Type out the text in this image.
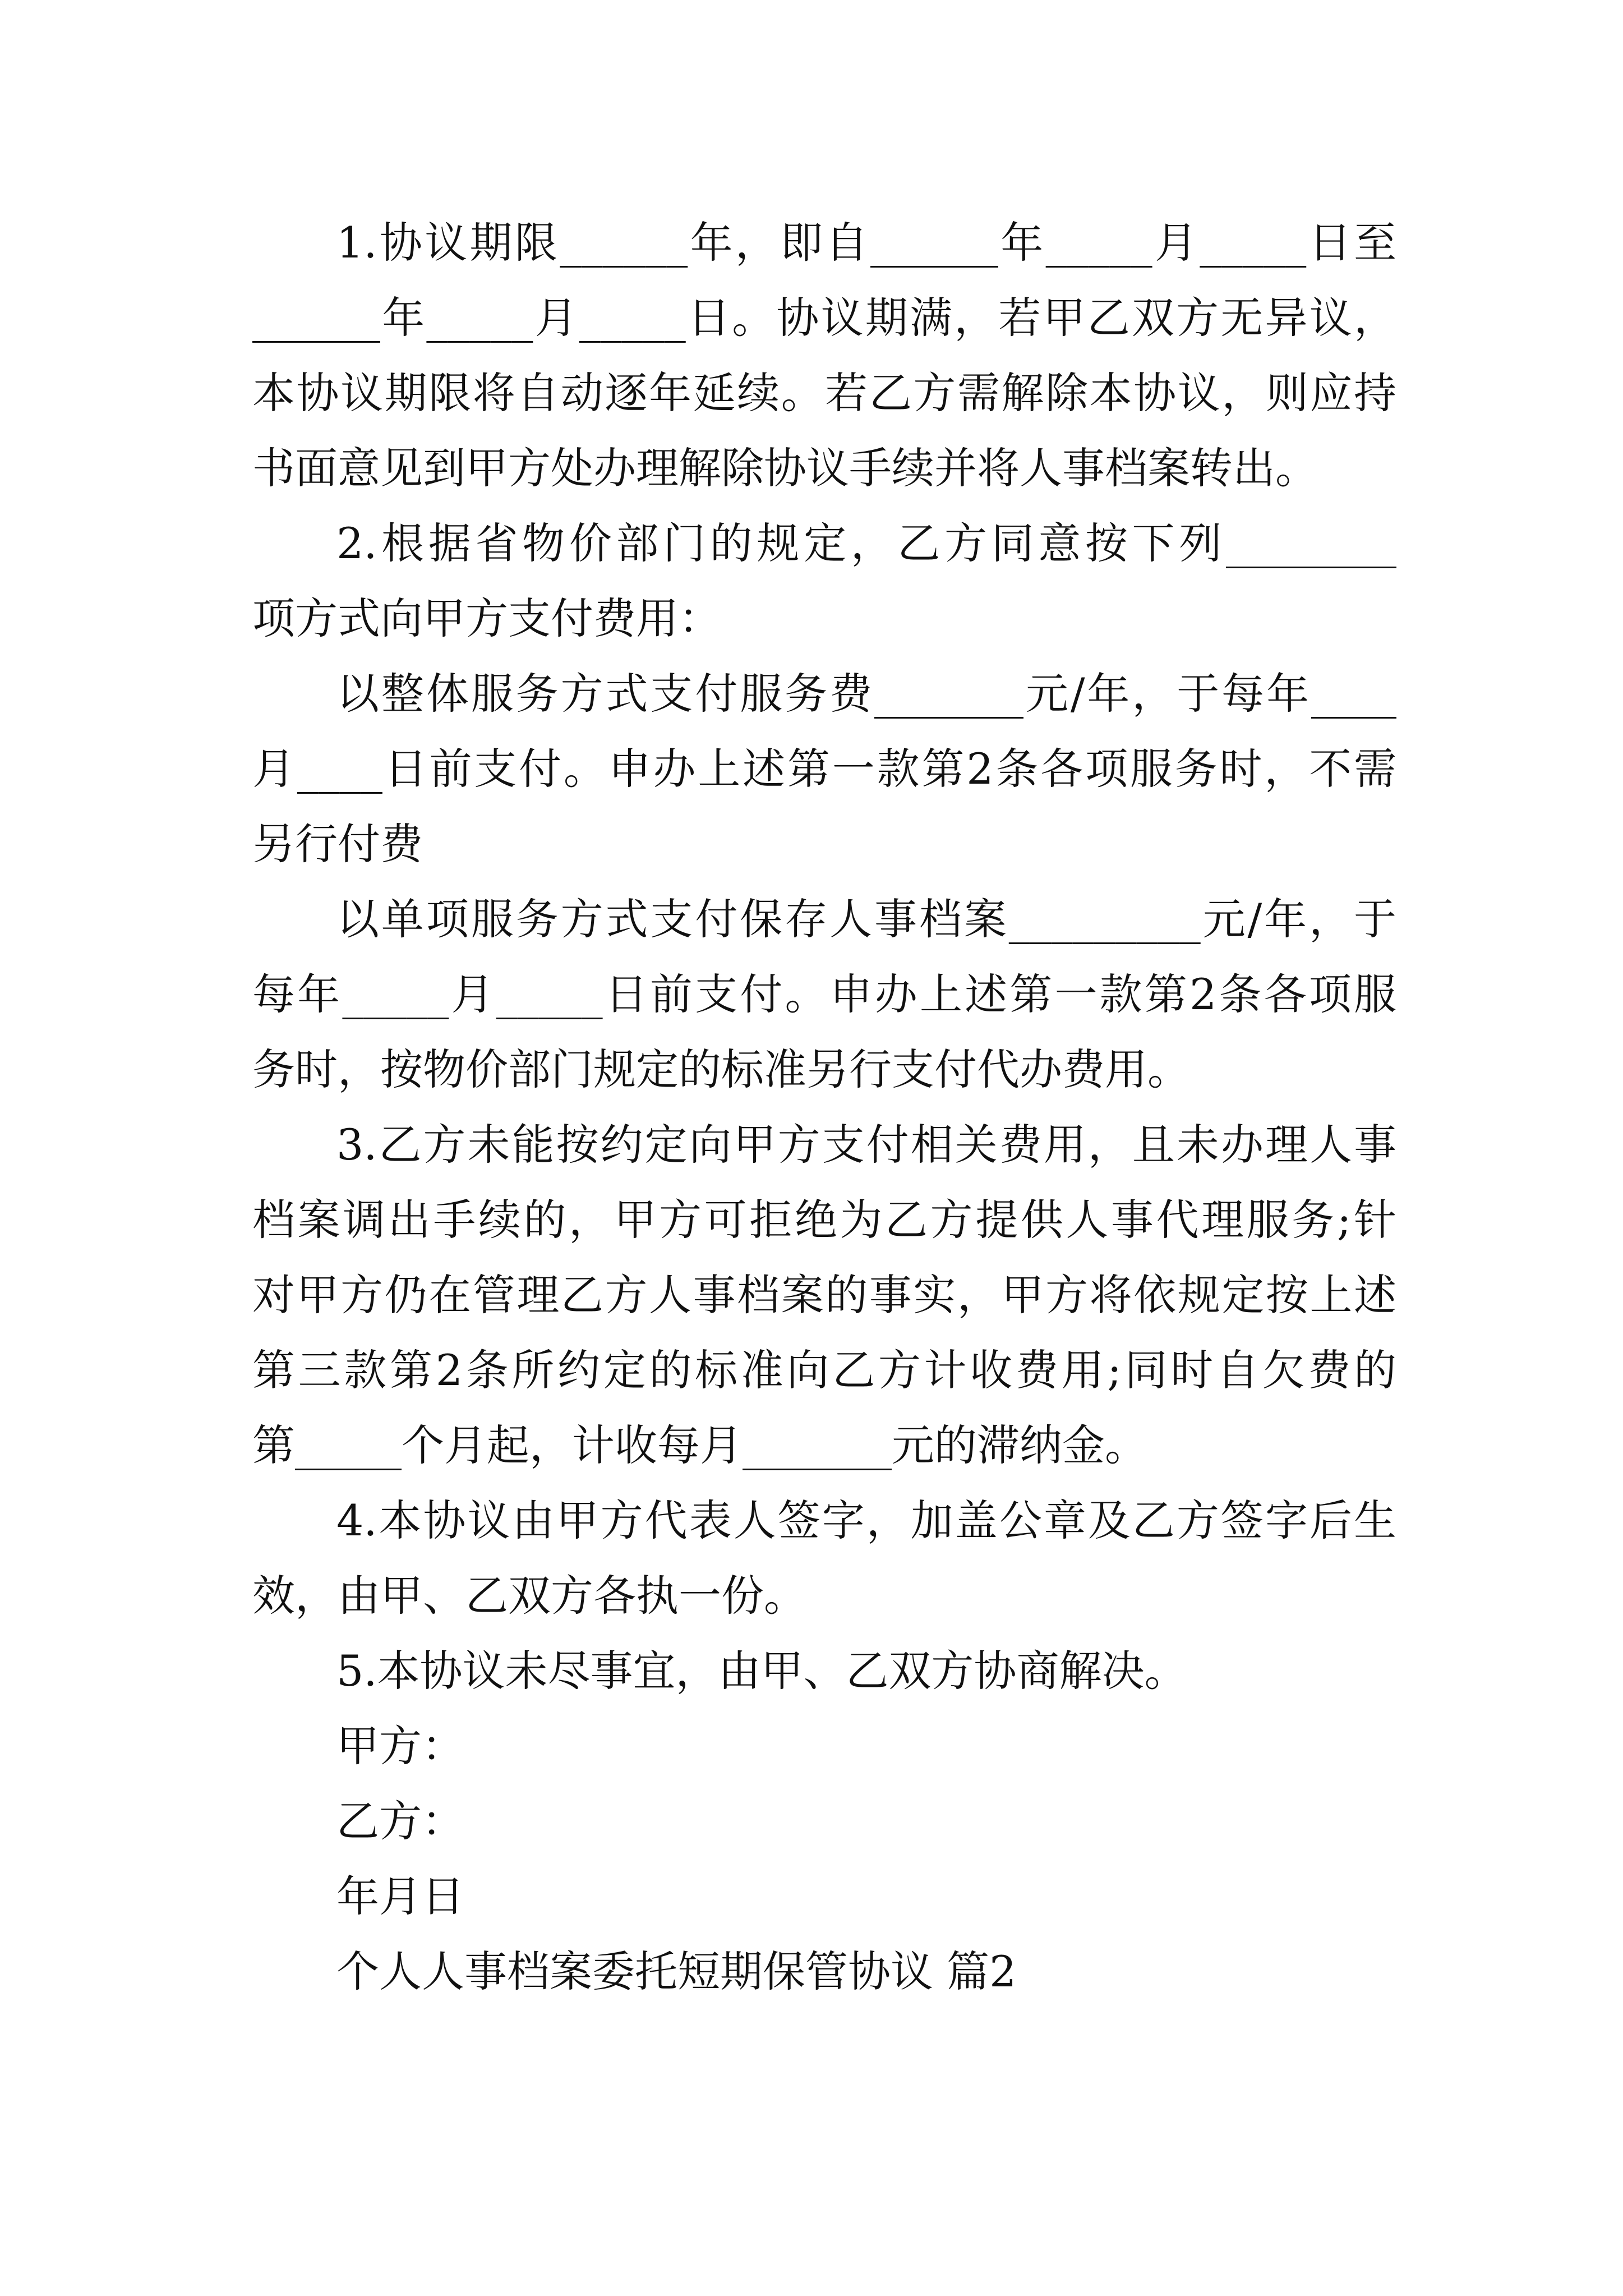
1.协议期限______年，即自______年_____月_____日至
______年_____月_____日。协议期满，若甲乙双方无异议，
本协议期限将自动逐年延续。若乙方需解除本协议，则应持
书面意见到甲方处办理解除协议手续并将人事档案转出。
2.根据省物价部门的规定，乙方同意按下列________
项方式向甲方支付费用：
以整体服务方式支付服务费_______元/年，于每年____
月____日前支付。申办上述第一款第2条各项服务时，不需
另行付费
以单项服务方式支付保存人事档案_________元/年，于
每年_____月_____日前支付。申办上述第一款第2条各项服
务时，按物价部门规定的标准另行支付代办费用。
3.乙方未能按约定向甲方支付相关费用，且未办理人事
档案调出手续的，甲方可拒绝为乙方提供人事代理服务;针
对甲方仍在管理乙方人事档案的事实，甲方将依规定按上述
第三款第2条所约定的标准向乙方计收费用;同时自欠费的
第_____个月起，计收每月_______元的滞纳金。
4.本协议由甲方代表人签字，加盖公章及乙方签字后生
效，由甲、乙双方各执一份。
5.本协议未尽事宜，由甲、乙双方协商解决。
甲方：
乙方：
年月日
个人人事档案委托短期保管协议 篇2
